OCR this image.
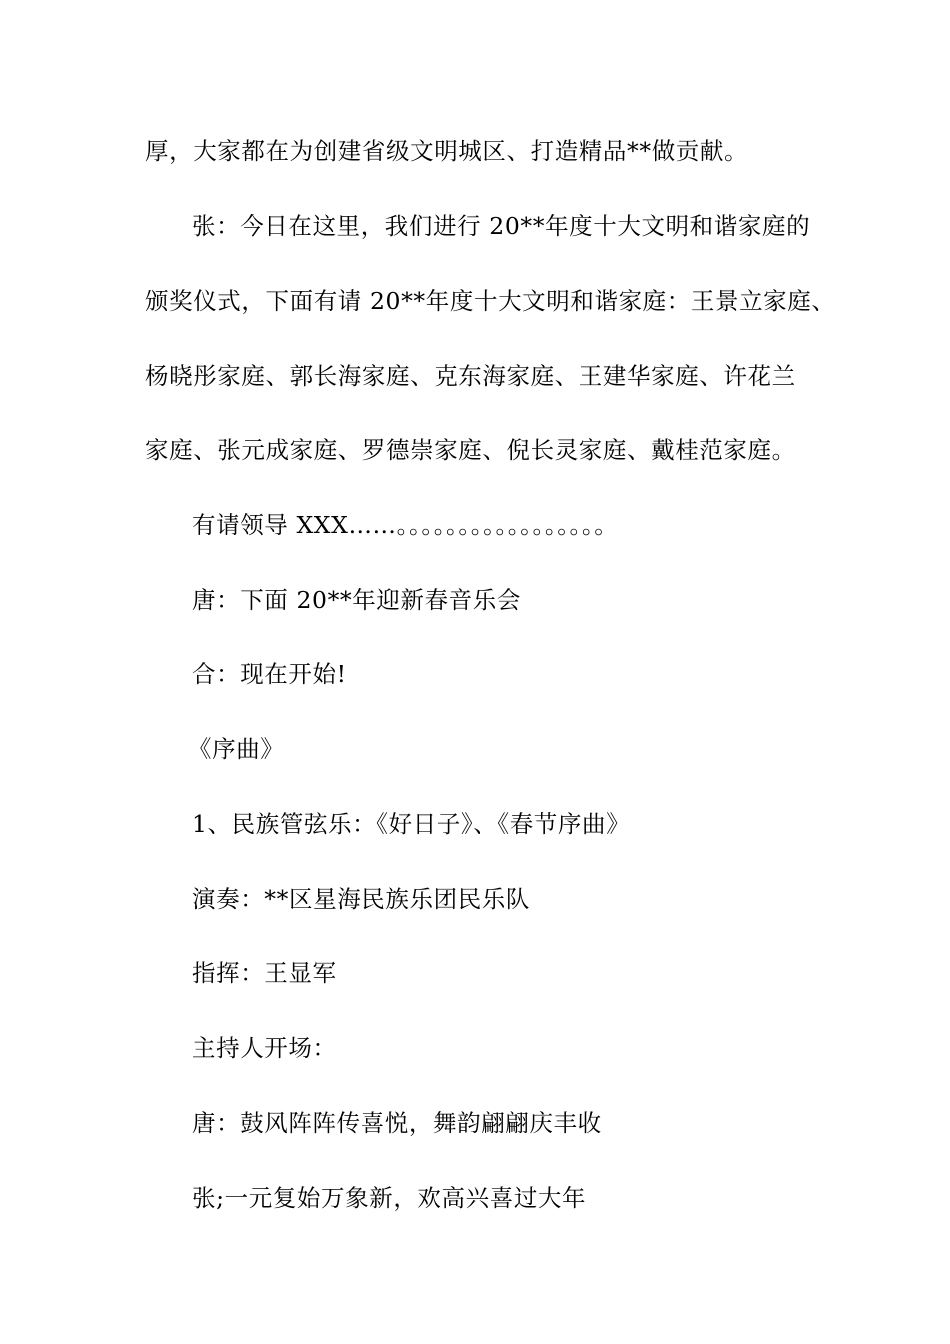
厚，大家都在为创建省级文明城区、打造精品**做贡献。
张：今日在这里，我们进行 20**年度十大文明和谐家庭的
颁奖仪式，下面有请 20**年度十大文明和谐家庭：王景立家庭、
杨晓彤家庭、郭长海家庭、克东海家庭、王建华家庭、许花兰
家庭、张元成家庭、罗德崇家庭、倪长灵家庭、戴桂范家庭。
有请领导 XXX……。。。。。。。。。。。。。。。。。
唐：下面 20**年迎新春音乐会
合：现在开始!
《序曲》
1、民族管弦乐：《好日子》、《春节序曲》
演奏：**区星海民族乐团民乐队
指挥：王显军
主持人开场：
唐：鼓风阵阵传喜悦，舞韵翩翩庆丰收
张;一元复始万象新，欢高兴喜过大年
